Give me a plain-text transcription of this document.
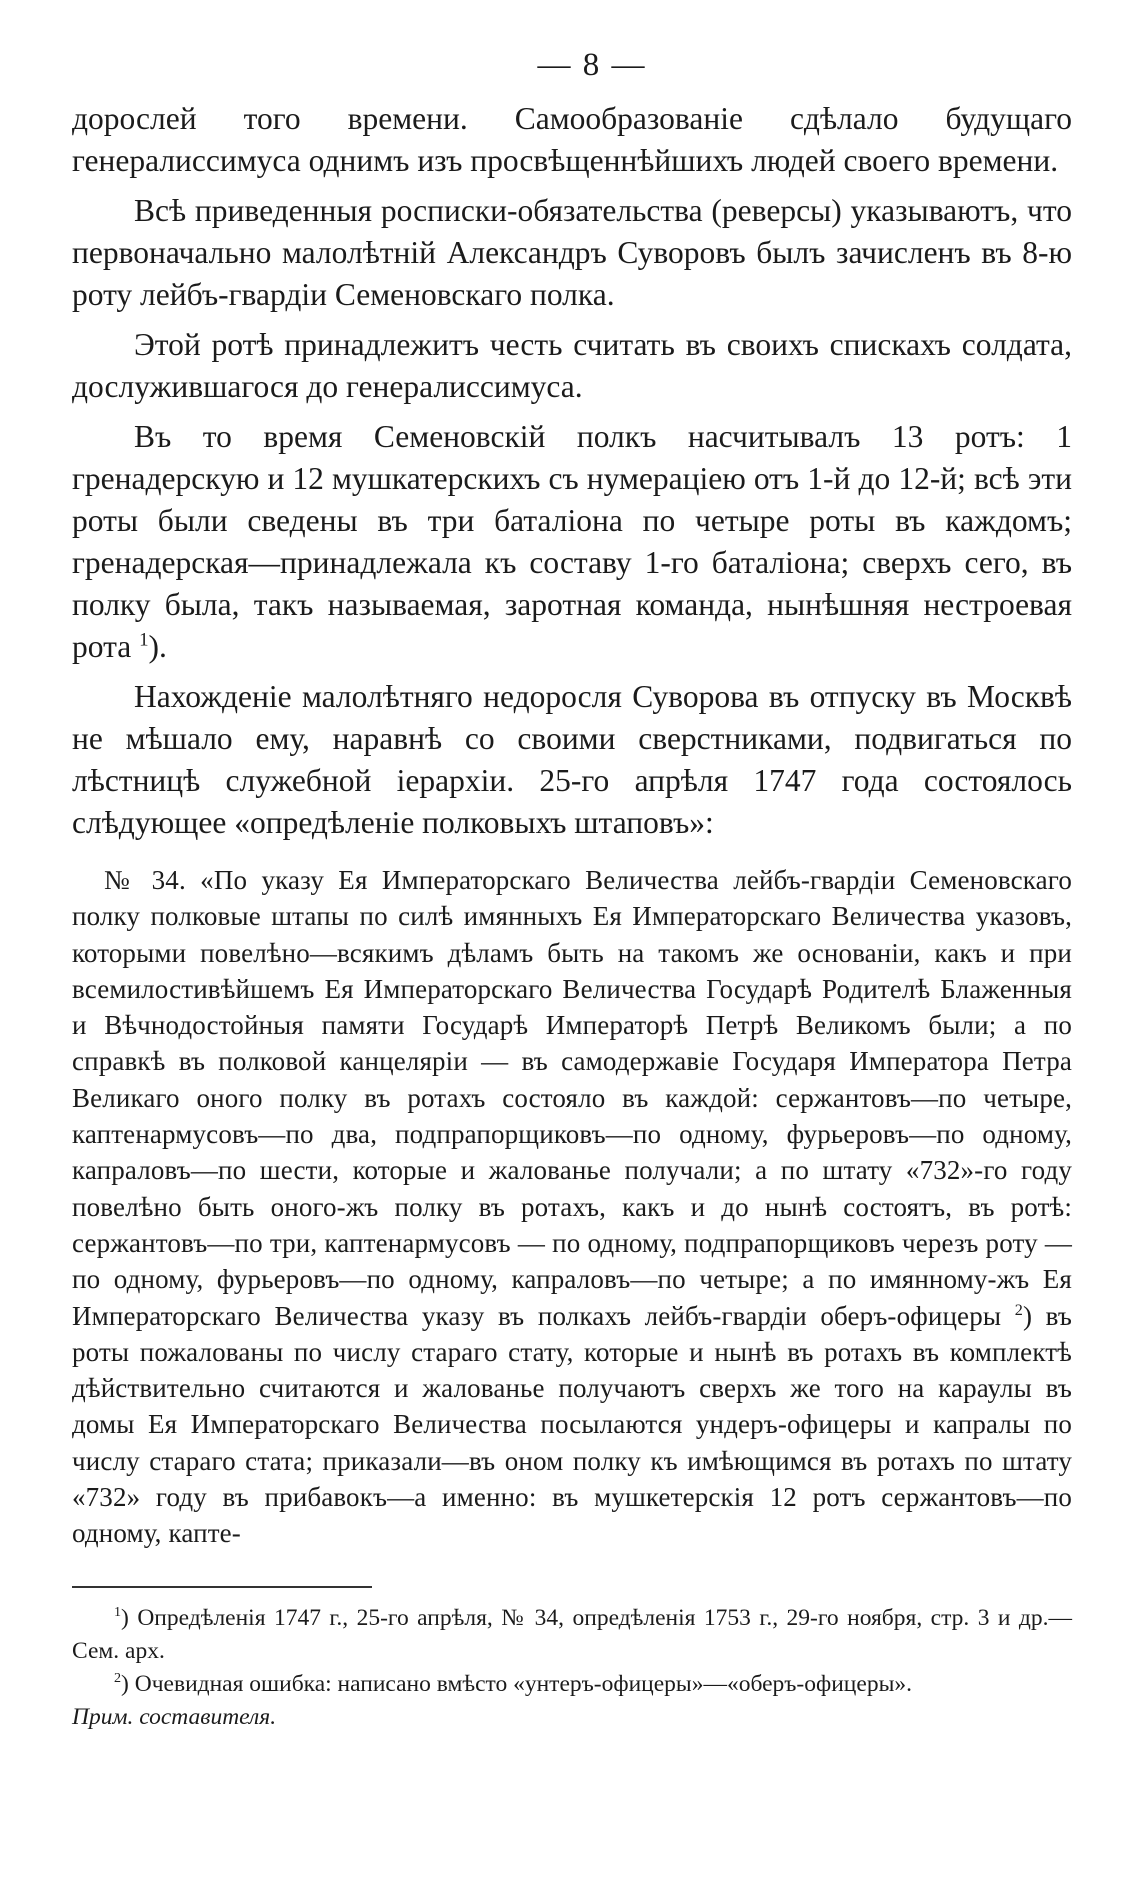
— 8 —

дорослей того времени. Самообразованіе сдѣлало будущаго генералиссимуса однимъ изъ просвѣщеннѣйшихъ людей своего времени.

Всѣ приведенныя росписки-обязательства (реверсы) указываютъ, что первоначально малолѣтній Александръ Суворовъ былъ зачисленъ въ 8-ю роту лейбъ-гвардіи Семеновскаго полка.

Этой ротѣ принадлежитъ честь считать въ своихъ спискахъ солдата, дослужившагося до генералиссимуса.

Въ то время Семеновскій полкъ насчитывалъ 13 ротъ: 1 гренадерскую и 12 мушкатерскихъ съ нумераціею отъ 1-й до 12-й; всѣ эти роты были сведены въ три баталіона по четыре роты въ каждомъ; гренадерская—принадлежала къ составу 1-го баталіона; сверхъ сего, въ полку была, такъ называемая, заротная команда, нынѣшняя нестроевая рота $^1$).

Нахожденіе малолѣтняго недоросля Суворова въ отпуску въ Москвѣ не мѣшало ему, наравнѣ со своими сверстниками, подвигаться по лѣстницѣ служебной іерархіи. 25-го апрѣля 1747 года состоялось слѣдующее «опредѣленіе полковыхъ штаповъ»:

№ 34. «По указу Ея Императорскаго Величества лейбъ-гвардіи Семеновскаго полку полковые штапы по силѣ имянныхъ Ея Императорскаго Величества указовъ, которыми повелѣно—всякимъ дѣламъ быть на такомъ же основаніи, какъ и при всемилостивѣйшемъ Ея Императорскаго Величества Государѣ Родителѣ Блаженныя и Вѣчнодостойныя памяти Государѣ Императорѣ Петрѣ Великомъ были; а по справкѣ въ полковой канцеляріи — въ самодержавіе Государя Императора Петра Великаго оного полку въ ротахъ состояло въ каждой: сержантовъ—по четыре, каптенармусовъ—по два, подпрапорщиковъ—по одному, фурьеровъ—по одному, капраловъ—по шести, которые и жалованье получали; а по штату «732»-го году повелѣно быть оного-жъ полку въ ротахъ, какъ и до нынѣ состоятъ, въ ротѣ: сержантовъ—по три, каптенармусовъ — по одному, подпрапорщиковъ черезъ роту — по одному, фурьеровъ—по одному, капраловъ—по четыре; а по имянному-жъ Ея Императорскаго Величества указу въ полкахъ лейбъ-гвардіи оберъ-офицеры $^2$) въ роты пожалованы по числу стараго стату, которые и нынѣ въ ротахъ въ комплектѣ дѣйствительно считаются и жалованье получаютъ сверхъ же того на караулы въ домы Ея Императорскаго Величества посылаются ундеръ-офицеры и капралы по числу стараго стата; приказали—въ оном полку къ имѣющимся въ ротахъ по штату «732» году въ прибавокъ—а именно: въ мушкетерскія 12 ротъ сержантовъ—по одному, капте-

$^1$) Опредѣленія 1747 г., 25-го апрѣля, № 34, опредѣленія 1753 г., 29-го ноября, стр. 3 и др.—Сем. арх.

$^2$) Очевидная ошибка: написано вмѣсто «унтеръ-офицеры»—«оберъ-офицеры».

Прим. составителя.
